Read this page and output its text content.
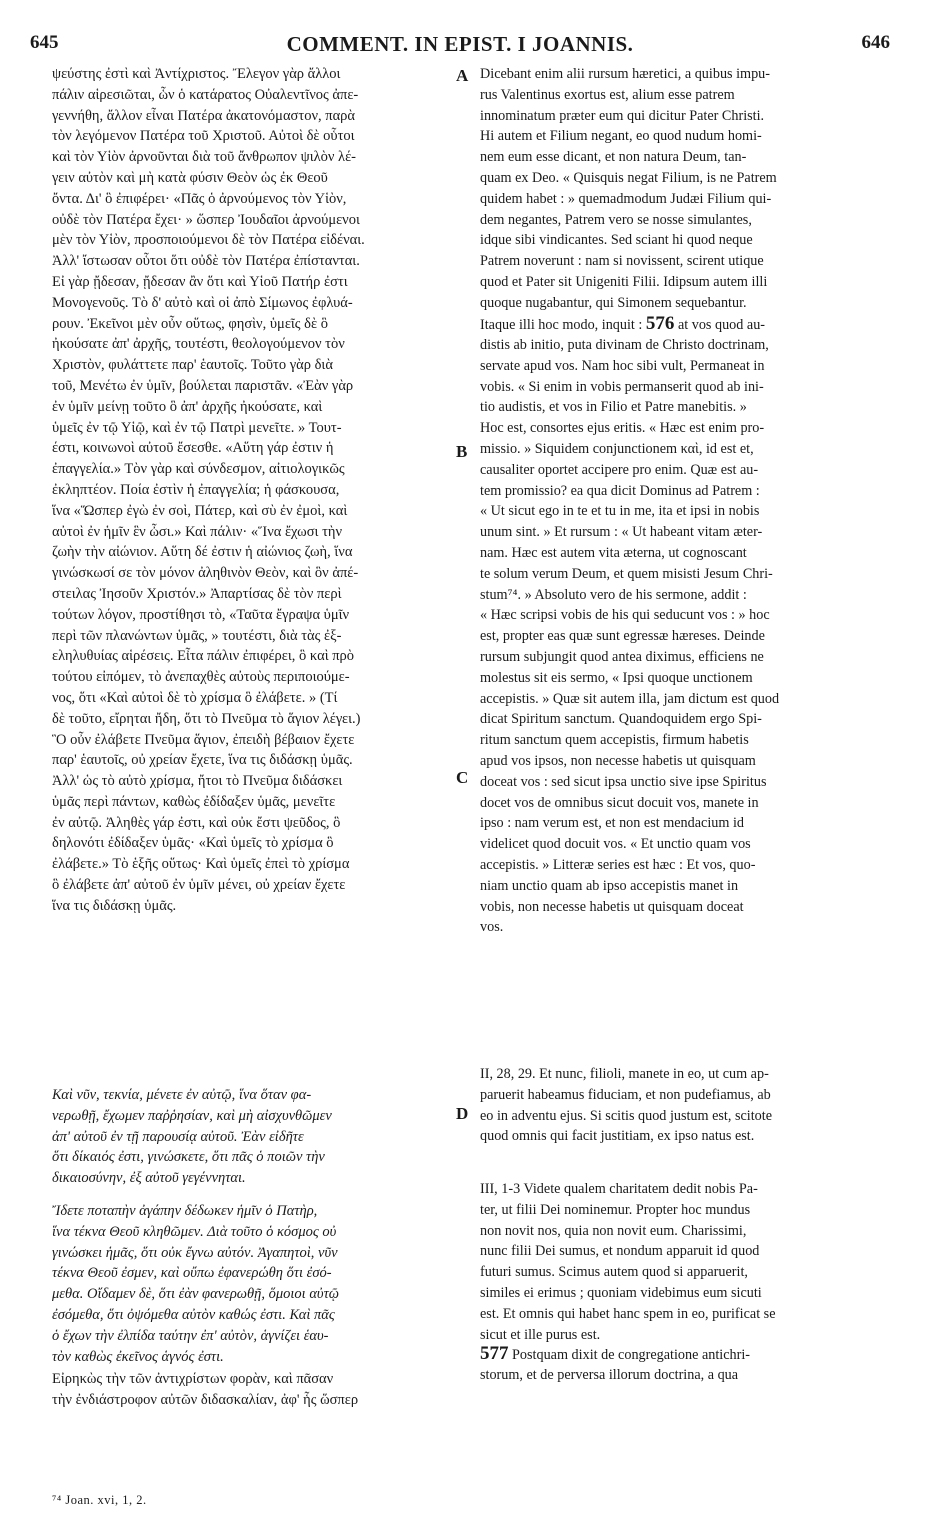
645	COMMENT. IN EPIST. I JOANNIS.	646
ψεύστης ἐστὶ καὶ Ἀντίχριστος. Ἔλεγον γὰρ ἄλλοι
πάλιν αἱρεσιῶται, ὧν ὁ κατάρατος Οὐαλεντῖνος ἀπε-
γεννήθη, ἄλλον εἶναι Πατέρα ἀκατονόμαστον, παρὰ
τὸν λεγόμενον Πατέρα τοῦ Χριστοῦ. Αὐτοὶ δὲ οὗτοι
καὶ τὸν Υἱὸν ἀρνοῦνται διὰ τοῦ ἄνθρωπον ψιλὸν λέ-
γειν αὐτὸν καὶ μὴ κατὰ φύσιν Θεὸν ὡς ἐκ Θεοῦ
ὄντα. Δι' ὃ ἐπιφέρει· «Πᾶς ὁ ἀρνούμενος τὸν Υἱὸν,
οὐδὲ τὸν Πατέρα ἔχει· » ὥσπερ Ἰουδαῖοι ἀρνούμενοι
μὲν τὸν Υἱὸν, προσποιούμενοι δὲ τὸν Πατέρα εἰδέναι.
Ἀλλ' ἴστωσαν οὗτοι ὅτι οὐδὲ τὸν Πατέρα ἐπίστανται.
Εἰ γὰρ ᾔδεσαν, ᾔδεσαν ἂν ὅτι καὶ Υἱοῦ Πατήρ ἐστι
Μονογενοῦς. Τὸ δ' αὐτὸ καὶ οἱ ἀπὸ Σίμωνος ἐφλυά-
ρουν. Ἐκεῖνοι μὲν οὖν οὕτως, φησὶν, ὑμεῖς δὲ ὃ
ἠκούσατε ἀπ' ἀρχῆς, τουτέστι, θεολογούμενον τὸν
Χριστὸν, φυλάττετε παρ' ἑαυτοῖς. Τοῦτο γὰρ διὰ
τοῦ, Μενέτω ἐν ὑμῖν, βούλεται παριστᾶν. «Ἐὰν γὰρ
ἐν ὑμῖν μείνῃ τοῦτο ὃ ἀπ' ἀρχῆς ἠκούσατε, καὶ
ὑμεῖς ἐν τῷ Υἱῷ, καὶ ἐν τῷ Πατρὶ μενεῖτε. » Τουτ-
έστι, κοινωνοὶ αὐτοῦ ἔσεσθε. «Αὕτη γάρ ἐστιν ἡ
ἐπαγγελία.» Τὸν γὰρ καὶ σύνδεσμον, αἰτιολογικῶς
ἐκληπτέον. Ποία ἐστὶν ἡ ἐπαγγελία; ἡ φάσκουσα,
ἵνα «Ὥσπερ ἐγὼ ἐν σοὶ, Πάτερ, καὶ σὺ ἐν ἐμοὶ, καὶ
αὐτοὶ ἐν ἡμῖν ἓν ὦσι.» Καὶ πάλιν· «Ἵνα ἔχωσι τὴν
ζωὴν τὴν αἰώνιον. Αὕτη δέ ἐστιν ἡ αἰώνιος ζωὴ, ἵνα
γινώσκωσί σε τὸν μόνον ἀληθινὸν Θεὸν, καὶ ὃν ἀπέ-
στειλας Ἰησοῦν Χριστόν.» Ἀπαρτίσας δὲ τὸν περὶ
τούτων λόγον, προστίθησι τὸ, «Ταῦτα ἔγραψα ὑμῖν
περὶ τῶν πλανώντων ὑμᾶς, » τουτέστι, διὰ τὰς ἐξ-
εληλυθυίας αἱρέσεις. Εἶτα πάλιν ἐπιφέρει, ὃ καὶ πρὸ
τούτου εἰπόμεν, τὸ ἀνεπαχθὲς αὐτοὺς περιποιούμε-
νος, ὅτι «Καὶ αὐτοὶ δὲ τὸ χρίσμα ὃ ἐλάβετε. » (Τί
δὲ τοῦτο, εἴρηται ἤδη, ὅτι τὸ Πνεῦμα τὸ ἅγιον λέγει.)
Ὃ οὖν ἐλάβετε Πνεῦμα ἅγιον, ἐπειδὴ βέβαιον ἔχετε
παρ' ἑαυτοῖς, οὐ χρείαν ἔχετε, ἵνα τις διδάσκῃ ὑμᾶς.
Ἀλλ' ὡς τὸ αὐτὸ χρίσμα, ἤτοι τὸ Πνεῦμα διδάσκει
ὑμᾶς περὶ πάντων, καθὼς ἐδίδαξεν ὑμᾶς, μενεῖτε
ἐν αὐτῷ. Ἀληθὲς γάρ ἐστι, καὶ οὐκ ἔστι ψεῦδος, ὃ
δηλονότι ἐδίδαξεν ὑμᾶς· «Καὶ ὑμεῖς τὸ χρίσμα ὃ
ἐλάβετε.» Τὸ ἑξῆς οὕτως· Καὶ ὑμεῖς ἐπεὶ τὸ χρίσμα
ὃ ἐλάβετε ἀπ' αὐτοῦ ἐν ὑμῖν μένει, οὐ χρείαν ἔχετε
ἵνα τις διδάσκῃ ὑμᾶς.
Καὶ νῦν, τεκνία, μένετε ἐν αὐτῷ, ἵνα ὅταν φα-
νερωθῇ, ἔχωμεν παῤῥησίαν, καὶ μὴ αἰσχυνθῶμεν
ἀπ' αὐτοῦ ἐν τῇ παρουσίᾳ αὐτοῦ. Ἐὰν εἰδῆτε
ὅτι δίκαιός ἐστι, γινώσκετε, ὅτι πᾶς ὁ ποιῶν τὴν
δικαιοσύνην, ἐξ αὐτοῦ γεγέννηται.
Ἴδετε ποταπὴν ἀγάπην δέδωκεν ἡμῖν ὁ Πατὴρ,
ἵνα τέκνα Θεοῦ κληθῶμεν. Διὰ τοῦτο ὁ κόσμος οὐ
γινώσκει ἡμᾶς, ὅτι οὐκ ἔγνω αὐτόν. Ἀγαπητοὶ, νῦν
τέκνα Θεοῦ ἐσμεν, καὶ οὔπω ἐφανερώθη ὅτι ἐσό-
μεθα. Οἴδαμεν δὲ, ὅτι ἐὰν φανερωθῇ, ὅμοιοι αὐτῷ
ἐσόμεθα, ὅτι ὀψόμεθα αὐτὸν καθώς ἐστι. Καὶ πᾶς
ὁ ἔχων τὴν ἐλπίδα ταύτην ἐπ' αὐτὸν, ἁγνίζει ἑαυ-
τὸν καθὼς ἐκεῖνος ἁγνός ἐστι.
Εἰρηκὼς τὴν τῶν ἀντιχρίστων φορὰν, καὶ πᾶσαν
τὴν ἐνδιάστροφον αὐτῶν διδασκαλίαν, ἀφ' ἧς ὥσπερ
Dicebant enim alii rursum hæretici, a quibus impu-
rus Valentinus exortus est, alium esse patrem
innominatum præter eum qui dicitur Pater Christi.
Hi autem et Filium negant, eo quod nudum homi-
nem eum esse dicant, et non natura Deum, tan-
quam ex Deo. « Quisquis negat Filium, is ne Patrem
quidem habet : » quemadmodum Judæi Filium qui-
dem negantes, Patrem vero se nosse simulantes,
idque sibi vindicantes. Sed sciant hi quod neque
Patrem noverunt : nam si novissent, scirent utique
quod et Pater sit Unigeniti Filii. Idipsum autem illi
quoque nugabantur, qui Simonem sequebantur.
Itaque illi hoc modo, inquit : 576 at vos quod au-
distis ab initio, puta divinam de Christo doctrinam,
servate apud vos. Nam hoc sibi vult, Permaneat in
vobis. « Si enim in vobis permanserit quod ab ini-
tio audistis, et vos in Filio et Patre manebitis. »
Hoc est, consortes ejus eritis. « Hæc est enim pro-
missio. » Siquidem conjunctionem καὶ, id est et,
causaliter oportet accipere pro enim. Quæ est au-
tem promissio? ea qua dicit Dominus ad Patrem :
« Ut sicut ego in te et tu in me, ita et ipsi in nobis
unum sint. » Et rursum : « Ut habeant vitam æter-
nam. Hæc est autem vita æterna, ut cognoscant
te solum verum Deum, et quem misisti Jesum Chri-
stum⁷⁴. » Absoluto vero de his sermone, addit :
« Hæc scripsi vobis de his qui seducunt vos : » hoc
est, propter eas quæ sunt egressæ hæreses. Deinde
rursum subjungit quod antea diximus, efficiens ne
molestus sit eis sermo, « Ipsi quoque unctionem
accepistis. » Quæ sit autem illa, jam dictum est quod
dicat Spiritum sanctum. Quandoquidem ergo Spi-
ritum sanctum quem accepistis, firmum habetis
apud vos ipsos, non necesse habetis ut quisquam
doceat vos : sed sicut ipsa unctio sive ipse Spiritus
docet vos de omnibus sicut docuit vos, manete in
ipso : nam verum est, et non est mendacium id
videlicet quod docuit vos. « Et unctio quam vos
accepistis. » Litteræ series est hæc : Et vos, quo-
niam unctio quam ab ipso accepistis manet in
vobis, non necesse habetis ut quisquam doceat
vos.
II, 28, 29. Et nunc, filioli, manete in eo, ut cum ap-
paruerit habeamus fiduciam, et non pudefiamus, ab
eo in adventu ejus. Si scitis quod justum est, scitote
quod omnis qui facit justitiam, ex ipso natus est.
III, 1-3 Videte qualem charitatem dedit nobis Pa-
ter, ut filii Dei nominemur. Propter hoc mundus
non novit nos, quia non novit eum. Charissimi,
nunc filii Dei sumus, et nondum apparuit id quod
futuri sumus. Scimus autem quod si apparuerit,
similes ei erimus ; quoniam videbimus eum sicuti
est. Et omnis qui habet hanc spem in eo, purificat se
sicut et ille purus est.
577 Postquam dixit de congregatione antichri-
storum, et de perversa illorum doctrina, a qua
A
B
C
D
⁷⁴ Joan. xvi, 1, 2.
